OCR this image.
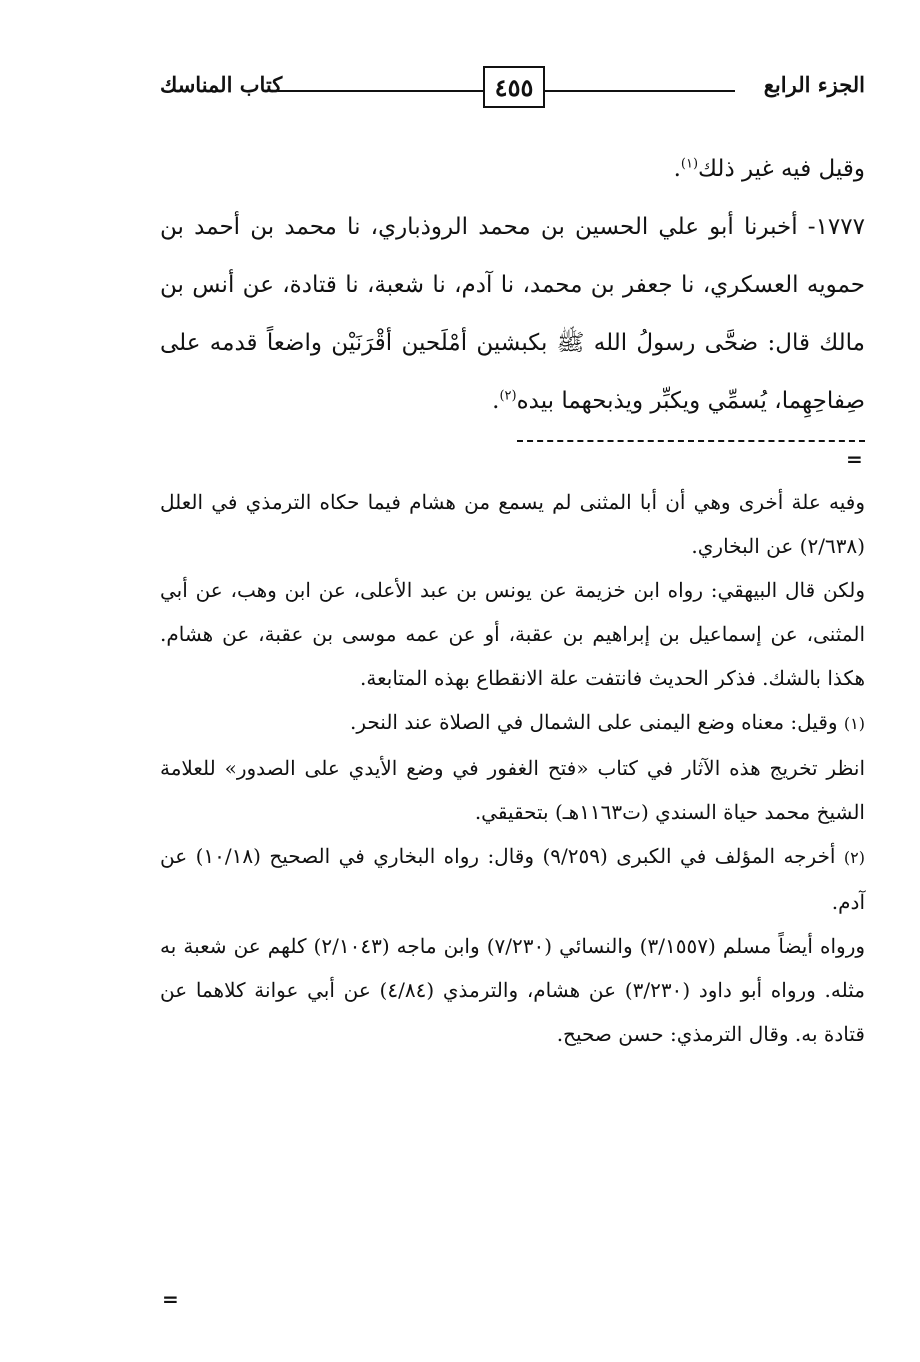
الجزء الرابع
٤٥٥
كتاب المناسك

وقيل فيه غير ذلك$^{(١)}$.

١٧٧٧- أخبرنا أبو علي الحسين بن محمد الروذباري، نا محمد بن أحمد بن حمويه العسكري، نا جعفر بن محمد، نا آدم، نا شعبة، نا قتادة، عن أنس بن مالك قال: ضحَّى رسولُ الله ﷺ بكبشين أمْلَحين أقْرَنَيْن واضعاً قدمه على صِفاحِهِما، يُسمِّي ويكبِّر ويذبحهما بيده$^{(٢)}$.

=

وفيه علة أخرى وهي أن أبا المثنى لم يسمع من هشام فيما حكاه الترمذي في العلل (٢/٦٣٨) عن البخاري.

ولكن قال البيهقي: رواه ابن خزيمة عن يونس بن عبد الأعلى، عن ابن وهب، عن أبي المثنى، عن إسماعيل بن إبراهيم بن عقبة، أو عن عمه موسى بن عقبة، عن هشام. هكذا بالشك. فذكر الحديث فانتفت علة الانقطاع بهذه المتابعة.

(١) وقيل: معناه وضع اليمنى على الشمال في الصلاة عند النحر.

انظر تخريج هذه الآثار في كتاب «فتح الغفور في وضع الأيدي على الصدور» للعلامة الشيخ محمد حياة السندي (ت١١٦٣هـ) بتحقيقي.

(٢) أخرجه المؤلف في الكبرى (٩/٢٥٩) وقال: رواه البخاري في الصحيح (١٠/١٨) عن آدم.

ورواه أيضاً مسلم (٣/١٥٥٧) والنسائي (٧/٢٣٠) وابن ماجه (٢/١٠٤٣) كلهم عن شعبة به مثله. ورواه أبو داود (٣/٢٣٠) عن هشام، والترمذي (٤/٨٤) عن أبي عوانة كلاهما عن قتادة به. وقال الترمذي: حسن صحيح.

=
